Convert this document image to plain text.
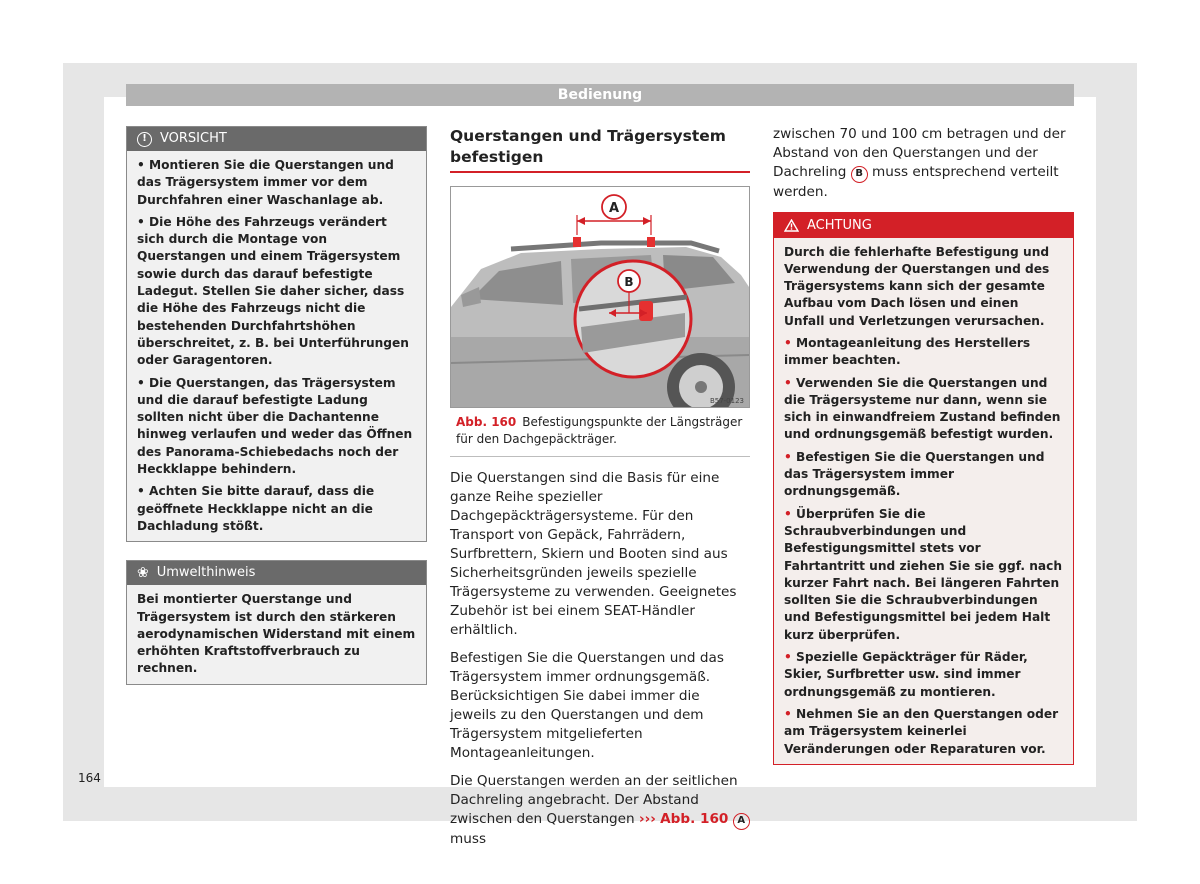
Bedienung
!	VORSICHT

• Montieren Sie die Querstangen und das Trägersystem immer vor dem Durchfahren einer Waschanlage ab.

• Die Höhe des Fahrzeugs verändert sich durch die Montage von Querstangen und einem Trägersystem sowie durch das darauf befestigte Ladegut. Stellen Sie daher sicher, dass die Höhe des Fahrzeugs nicht die bestehenden Durchfahrtshöhen überschreitet, z. B. bei Unterführungen oder Garagentoren.

• Die Querstangen, das Trägersystem und die darauf befestigte Ladung sollten nicht über die Dachantenne hinweg verlaufen und weder das Öffnen des Panorama-Schiebedachs noch der Heckklappe behindern.

• Achten Sie bitte darauf, dass die geöffnete Heckklappe nicht an die Dachladung stößt.

❀ Umwelthinweis

Bei montierter Querstange und Trägersystem ist durch den stärkeren aerodynamischen Widerstand mit einem erhöhten Kraftstoffverbrauch zu rechnen.

Querstangen und Trägersystem befestigen
A
B
B57-0123
Abb. 160 Befestigungspunkte der Längsträger für den Dachgepäckträger.

Die Querstangen sind die Basis für eine ganze Reihe spezieller Dachgepäckträgersysteme. Für den Transport von Gepäck, Fahrrädern, Surfbrettern, Skiern und Booten sind aus Sicherheitsgründen jeweils spezielle Trägersysteme zu verwenden. Geeignetes Zubehör ist bei einem SEAT-Händler erhältlich.

Befestigen Sie die Querstangen und das Trägersystem immer ordnungsgemäß. Berücksichtigen Sie dabei immer die jeweils zu den Querstangen und dem Trägersystem mitgelieferten Montageanleitungen.

Die Querstangen werden an der seitlichen Dachreling angebracht. Der Abstand zwischen den Querstangen ››› Abb. 160 A muss

zwischen 70 und 100 cm betragen und der Abstand von den Querstangen und der Dachreling B muss entsprechend verteilt werden.

ACHTUNG

Durch die fehlerhafte Befestigung und Verwendung der Querstangen und des Trägersystems kann sich der gesamte Aufbau vom Dach lösen und einen Unfall und Verletzungen verursachen.

• Montageanleitung des Herstellers immer beachten.

• Verwenden Sie die Querstangen und die Trägersysteme nur dann, wenn sie sich in einwandfreiem Zustand befinden und ordnungsgemäß befestigt wurden.

• Befestigen Sie die Querstangen und das Trägersystem immer ordnungsgemäß.

• Überprüfen Sie die Schraubverbindungen und Befestigungsmittel stets vor Fahrtantritt und ziehen Sie sie ggf. nach kurzer Fahrt nach. Bei längeren Fahrten sollten Sie die Schraubverbindungen und Befestigungsmittel bei jedem Halt kurz überprüfen.

• Spezielle Gepäckträger für Räder, Skier, Surfbretter usw. sind immer ordnungsgemäß zu montieren.

• Nehmen Sie an den Querstangen oder am Trägersystem keinerlei Veränderungen oder Reparaturen vor.

164
